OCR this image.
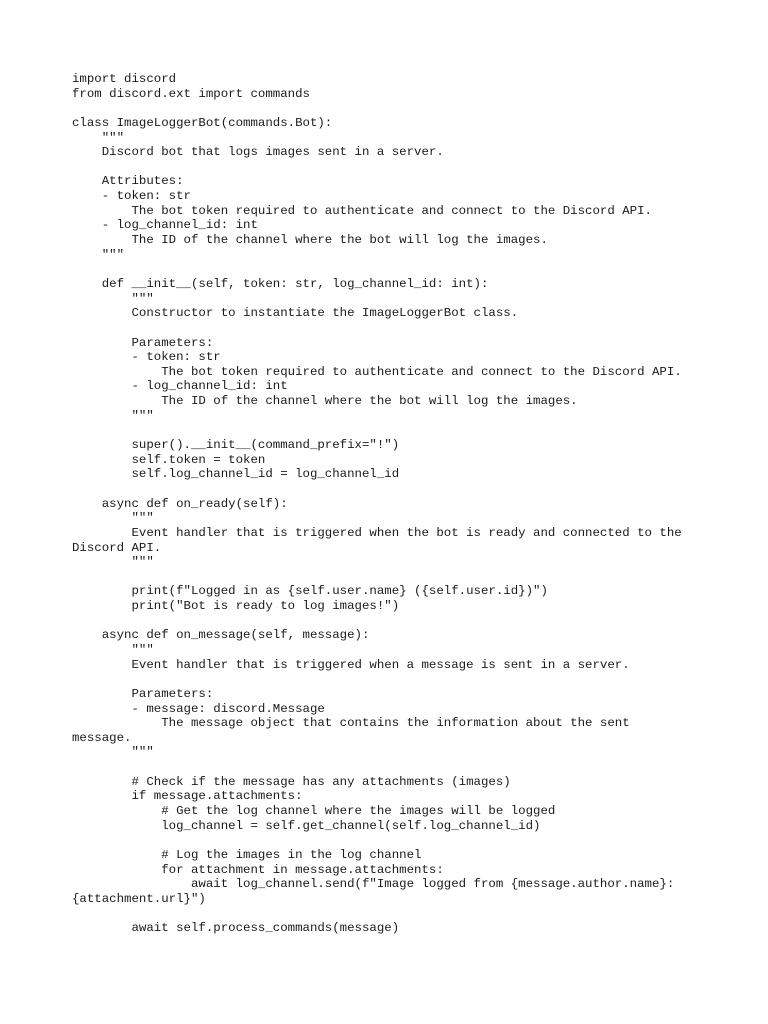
import discord
from discord.ext import commands
class ImageLoggerBot(commands.Bot):
"""
Discord bot that logs images sent in a server.
Attributes:
- token: str
The bot token required to authenticate and connect to the Discord API.
- log_channel_id: int
The ID of the channel where the bot will log the images.
"""
def __init__(self, token: str, log_channel_id: int):
"""
Constructor to instantiate the ImageLoggerBot class.
Parameters:
- token: str
The bot token required to authenticate and connect to the Discord API.
- log_channel_id: int
The ID of the channel where the bot will log the images.
"""
super().__init__(command_prefix="!")
self.token = token
self.log_channel_id = log_channel_id
async def on_ready(self):
"""
Event handler that is triggered when the bot is ready and connected to the
Discord API.
"""
print(f"Logged in as {self.user.name} ({self.user.id})")
print("Bot is ready to log images!")
async def on_message(self, message):
"""
Event handler that is triggered when a message is sent in a server.
Parameters:
- message: discord.Message
The message object that contains the information about the sent
message.
"""
# Check if the message has any attachments (images)
if message.attachments:
# Get the log channel where the images will be logged
log_channel = self.get_channel(self.log_channel_id)
# Log the images in the log channel
for attachment in message.attachments:
await log_channel.send(f"Image logged from {message.author.name}:
{attachment.url}")
await self.process_commands(message)
